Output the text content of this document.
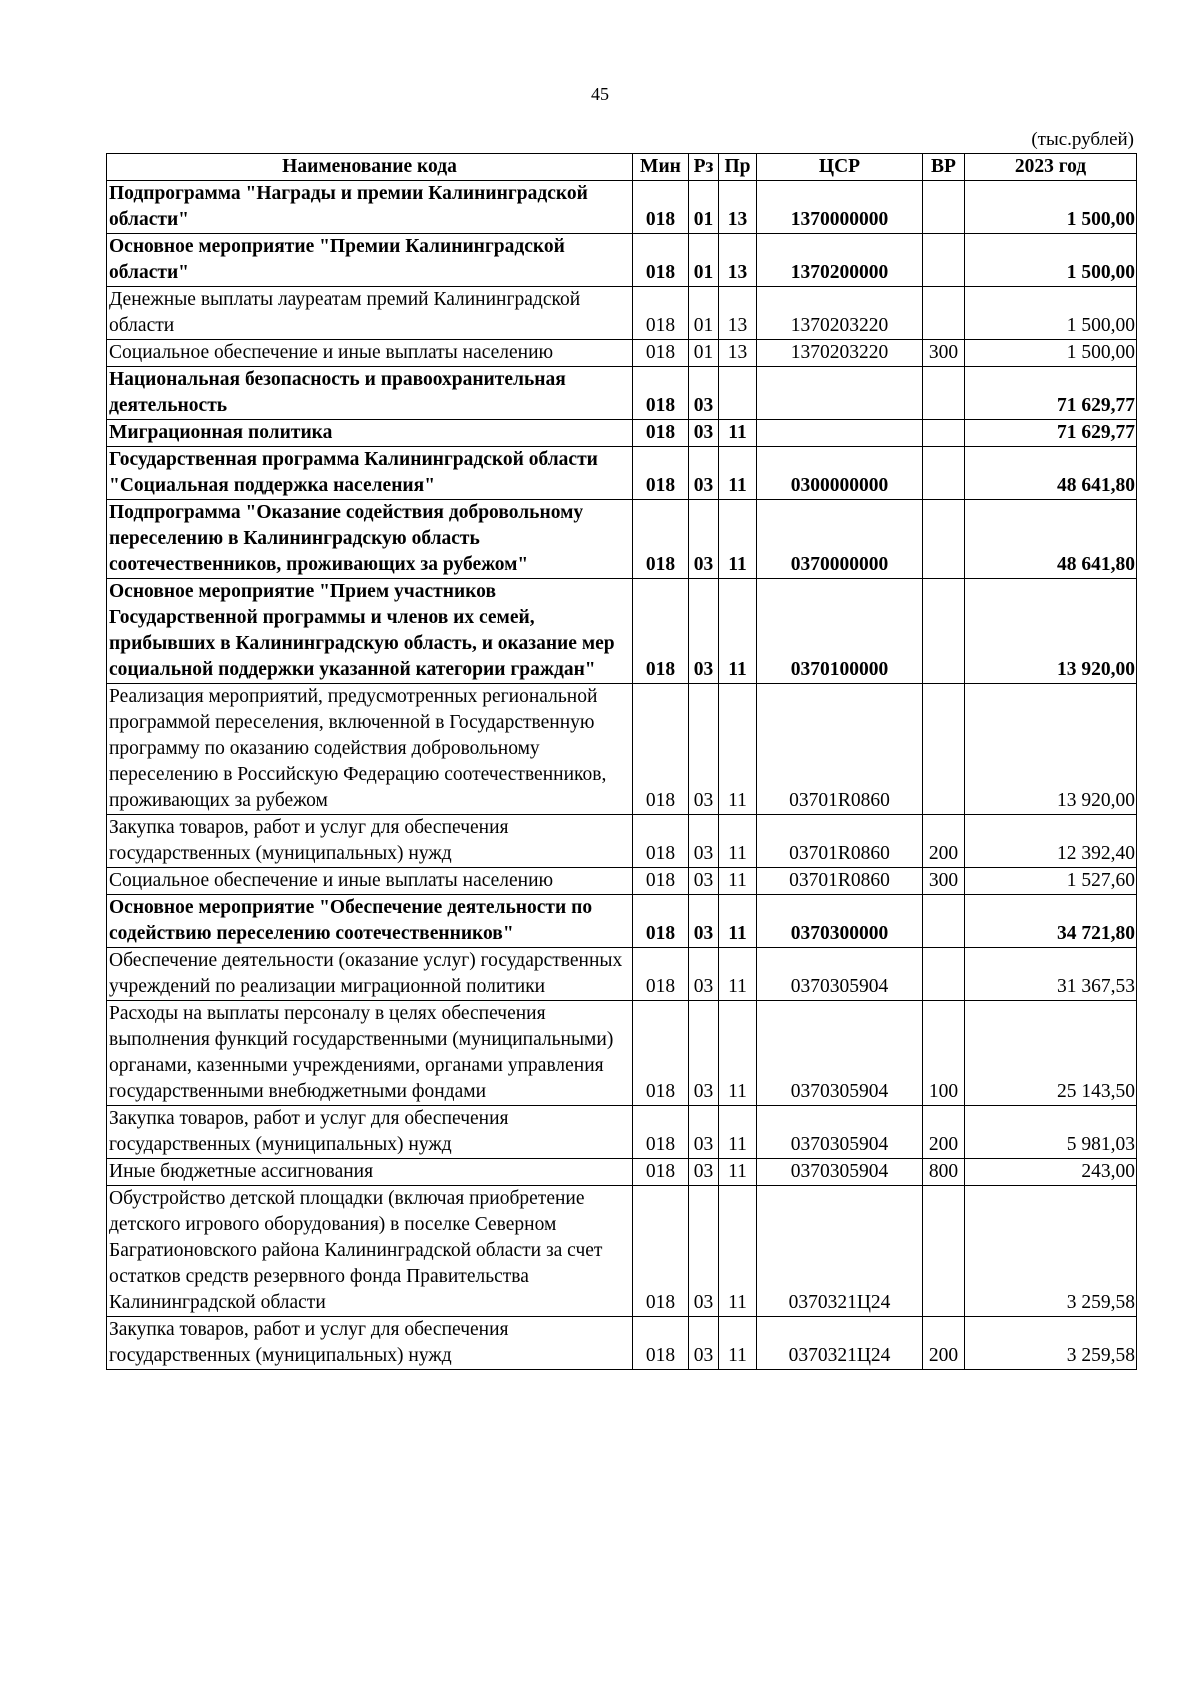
45
(тыс.рублей)
Наименование кода	Мин	Рз	Пр	ЦСР	ВР	2023 год
Подпрограмма "Награды и премии Калининградской области"	018	01	13	1370000000		1 500,00
Основное мероприятие "Премии Калининградской области"	018	01	13	1370200000		1 500,00
Денежные выплаты лауреатам премий Калининградской области	018	01	13	1370203220		1 500,00
Социальное обеспечение и иные выплаты населению	018	01	13	1370203220	300	1 500,00
Национальная безопасность и правоохранительная деятельность	018	03				71 629,77
Миграционная политика	018	03	11			71 629,77
Государственная программа Калининградской области "Социальная поддержка населения"	018	03	11	0300000000		48 641,80
Подпрограмма "Оказание содействия добровольному переселению в Калининградскую область соотечественников, проживающих за рубежом"	018	03	11	0370000000		48 641,80
Основное мероприятие "Прием участников Государственной программы и членов их семей, прибывших в Калининградскую область, и оказание мер социальной поддержки указанной категории граждан"	018	03	11	0370100000		13 920,00
Реализация мероприятий, предусмотренных региональной программой переселения, включенной в Государственную программу по оказанию содействия добровольному переселению в Российскую Федерацию соотечественников, проживающих за рубежом	018	03	11	03701R0860		13 920,00
Закупка товаров, работ и услуг для обеспечения государственных (муниципальных) нужд	018	03	11	03701R0860	200	12 392,40
Социальное обеспечение и иные выплаты населению	018	03	11	03701R0860	300	1 527,60
Основное мероприятие "Обеспечение деятельности по содействию переселению соотечественников"	018	03	11	0370300000		34 721,80
Обеспечение деятельности (оказание услуг) государственных учреждений по реализации миграционной политики	018	03	11	0370305904		31 367,53
Расходы на выплаты персоналу в целях обеспечения выполнения функций государственными (муниципальными) органами, казенными учреждениями, органами управления государственными внебюджетными фондами	018	03	11	0370305904	100	25 143,50
Закупка товаров, работ и услуг для обеспечения государственных (муниципальных) нужд	018	03	11	0370305904	200	5 981,03
Иные бюджетные ассигнования	018	03	11	0370305904	800	243,00
Обустройство детской площадки (включая приобретение детского игрового оборудования) в поселке Северном Багратионовского района Калининградской области за счет остатков средств резервного фонда Правительства Калининградской области	018	03	11	0370321Ц24		3 259,58
Закупка товаров, работ и услуг для обеспечения государственных (муниципальных) нужд	018	03	11	0370321Ц24	200	3 259,58
